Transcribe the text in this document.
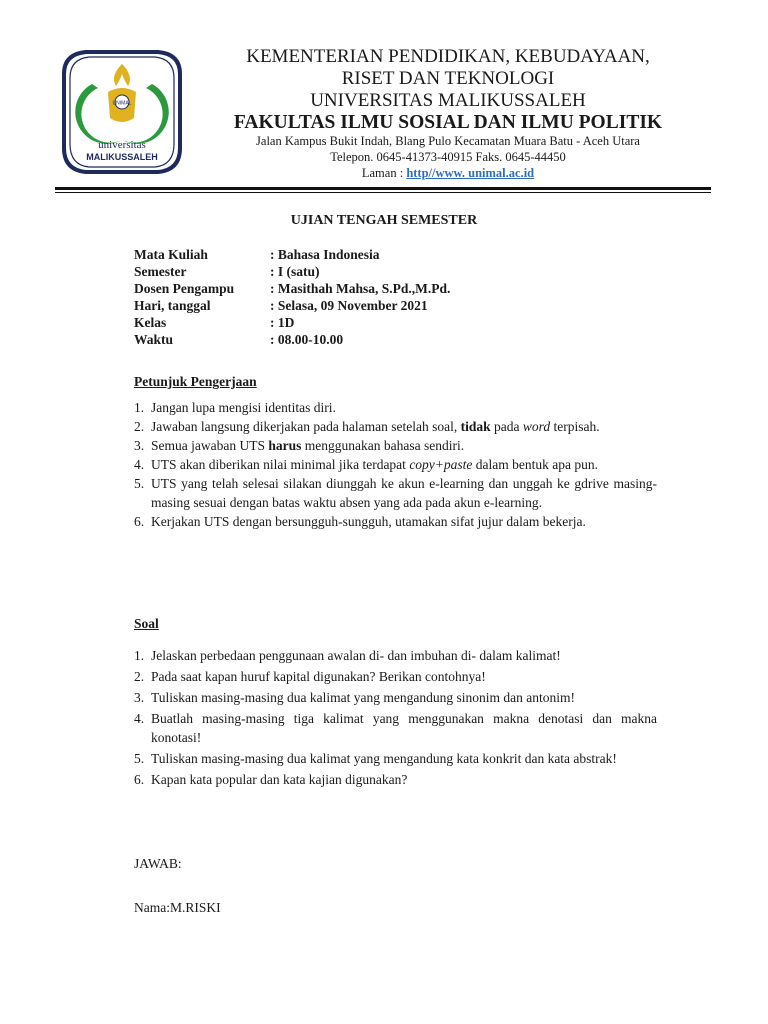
UNIMAL
universitas
MALIKUSSALEH
KEMENTERIAN PENDIDIKAN, KEBUDAYAAN,
RISET DAN TEKNOLOGI
UNIVERSITAS MALIKUSSALEH
FAKULTAS ILMU SOSIAL DAN ILMU POLITIK
Jalan Kampus Bukit Indah, Blang Pulo Kecamatan Muara Batu - Aceh Utara
Telepon. 0645-41373-40915 Faks. 0645-44450
Laman : http//www. unimal.ac.id
UJIAN TENGAH SEMESTER
Mata Kuliah	: Bahasa Indonesia
Semester	: I (satu)
Dosen Pengampu	: Masithah Mahsa, S.Pd.,M.Pd.
Hari, tanggal	: Selasa, 09 November 2021
Kelas	: 1D
Waktu	: 08.00-10.00
Petunjuk Pengerjaan
1. Jangan lupa mengisi identitas diri.
2. Jawaban langsung dikerjakan pada halaman setelah soal, tidak pada word terpisah.
3. Semua jawaban UTS harus menggunakan bahasa sendiri.
4. UTS akan diberikan nilai minimal jika terdapat copy+paste dalam bentuk apa pun.
5. UTS yang telah selesai silakan diunggah ke akun e-learning dan unggah ke gdrive masing-masing sesuai dengan batas waktu absen yang ada pada akun e-learning.
6. Kerjakan UTS dengan bersungguh-sungguh, utamakan sifat jujur dalam bekerja.
Soal
1. Jelaskan perbedaan penggunaan awalan di- dan imbuhan di- dalam kalimat!
2. Pada saat kapan huruf kapital digunakan? Berikan contohnya!
3. Tuliskan masing-masing dua kalimat yang mengandung sinonim dan antonim!
4. Buatlah masing-masing tiga kalimat yang menggunakan makna denotasi dan makna konotasi!
5. Tuliskan masing-masing dua kalimat yang mengandung kata konkrit dan kata abstrak!
6. Kapan kata popular dan kata kajian digunakan?
JAWAB:
Nama:M.RISKI
